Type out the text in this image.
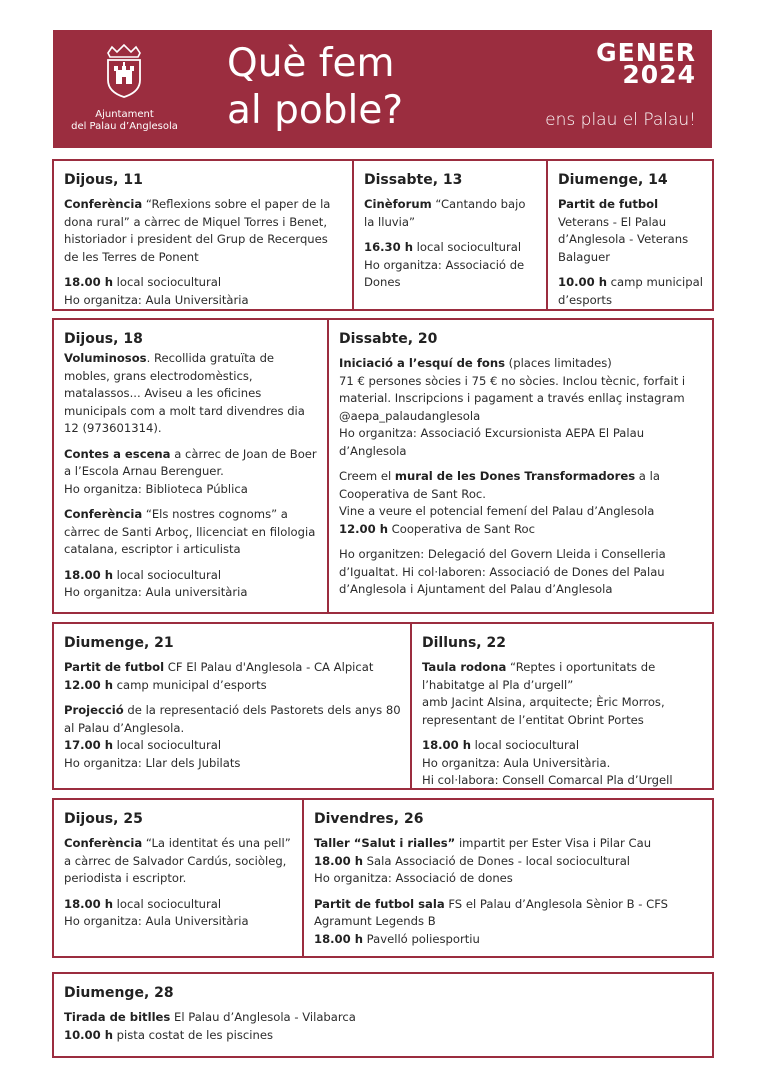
Ajuntament
del Palau d’Anglesola
Què fem
al poble?
GENER
2024
ens plau el Palau!
Dijous, 11

Conferència “Reflexions sobre el paper de la dona rural” a càrrec de Miquel Torres i Benet, historiador i president del Grup de Recerques de les Terres de Ponent

18.00 h local sociocultural
Ho organitza: Aula Universitària

Dissabte, 13

Cinèforum “Cantando bajo la lluvia”

16.30 h local sociocultural
Ho organitza: Associació de Dones

Diumenge, 14

Partit de futbol
Veterans - El Palau d’Anglesola - Veterans Balaguer

10.00 h camp municipal d’esports

Dijous, 18

Voluminosos. Recollida gratuïta de mobles, grans electrodomèstics, matalassos... Aviseu a les oficines municipals com a molt tard divendres dia 12 (973601314).

Contes a escena a càrrec de Joan de Boer a l’Escola Arnau Berenguer.
Ho organitza: Biblioteca Pública

Conferència “Els nostres cognoms” a càrrec de Santi Arboç, llicenciat en filologia catalana, escriptor i articulista

18.00 h local sociocultural
Ho organitza: Aula universitària

Dissabte, 20

Iniciació a l’esquí de fons (places limitades)
71 € persones sòcies i 75 € no sòcies. Inclou tècnic, forfait i material. Inscripcions i pagament a través enllaç instagram @aepa_palaudanglesola
Ho organitza: Associació Excursionista AEPA El Palau d’Anglesola

Creem el mural de les Dones Transformadores a la Cooperativa de Sant Roc.
Vine a veure el potencial femení del Palau d’Anglesola
12.00 h Cooperativa de Sant Roc

Ho organitzen: Delegació del Govern Lleida i Conselleria d’Igualtat. Hi col·laboren: Associació de Dones del Palau d’Anglesola i Ajuntament del Palau d’Anglesola

Diumenge, 21

Partit de futbol CF El Palau d'Anglesola - CA Alpicat
12.00 h camp municipal d’esports

Projecció de la representació dels Pastorets dels anys 80 al Palau d’Anglesola.
17.00 h local sociocultural
Ho organitza: Llar dels Jubilats

Dilluns, 22

Taula rodona “Reptes i oportunitats de l’habitatge al Pla d’urgell”
amb Jacint Alsina, arquitecte; Èric Morros, representant de l’entitat Obrint Portes

18.00 h local sociocultural
Ho organitza: Aula Universitària.
Hi col·labora: Consell Comarcal Pla d’Urgell

Dijous, 25

Conferència “La identitat és una pell” a càrrec de Salvador Cardús, sociòleg, periodista i escriptor.

18.00 h local sociocultural
Ho organitza: Aula Universitària

Divendres, 26

Taller “Salut i rialles” impartit per Ester Visa i Pilar Cau
18.00 h Sala Associació de Dones - local sociocultural
Ho organitza: Associació de dones

Partit de futbol sala FS el Palau d’Anglesola Sènior B - CFS Agramunt Legends B
18.00 h Pavelló poliesportiu

Diumenge, 28

Tirada de bitlles El Palau d’Anglesola - Vilabarca
10.00 h pista costat de les piscines
